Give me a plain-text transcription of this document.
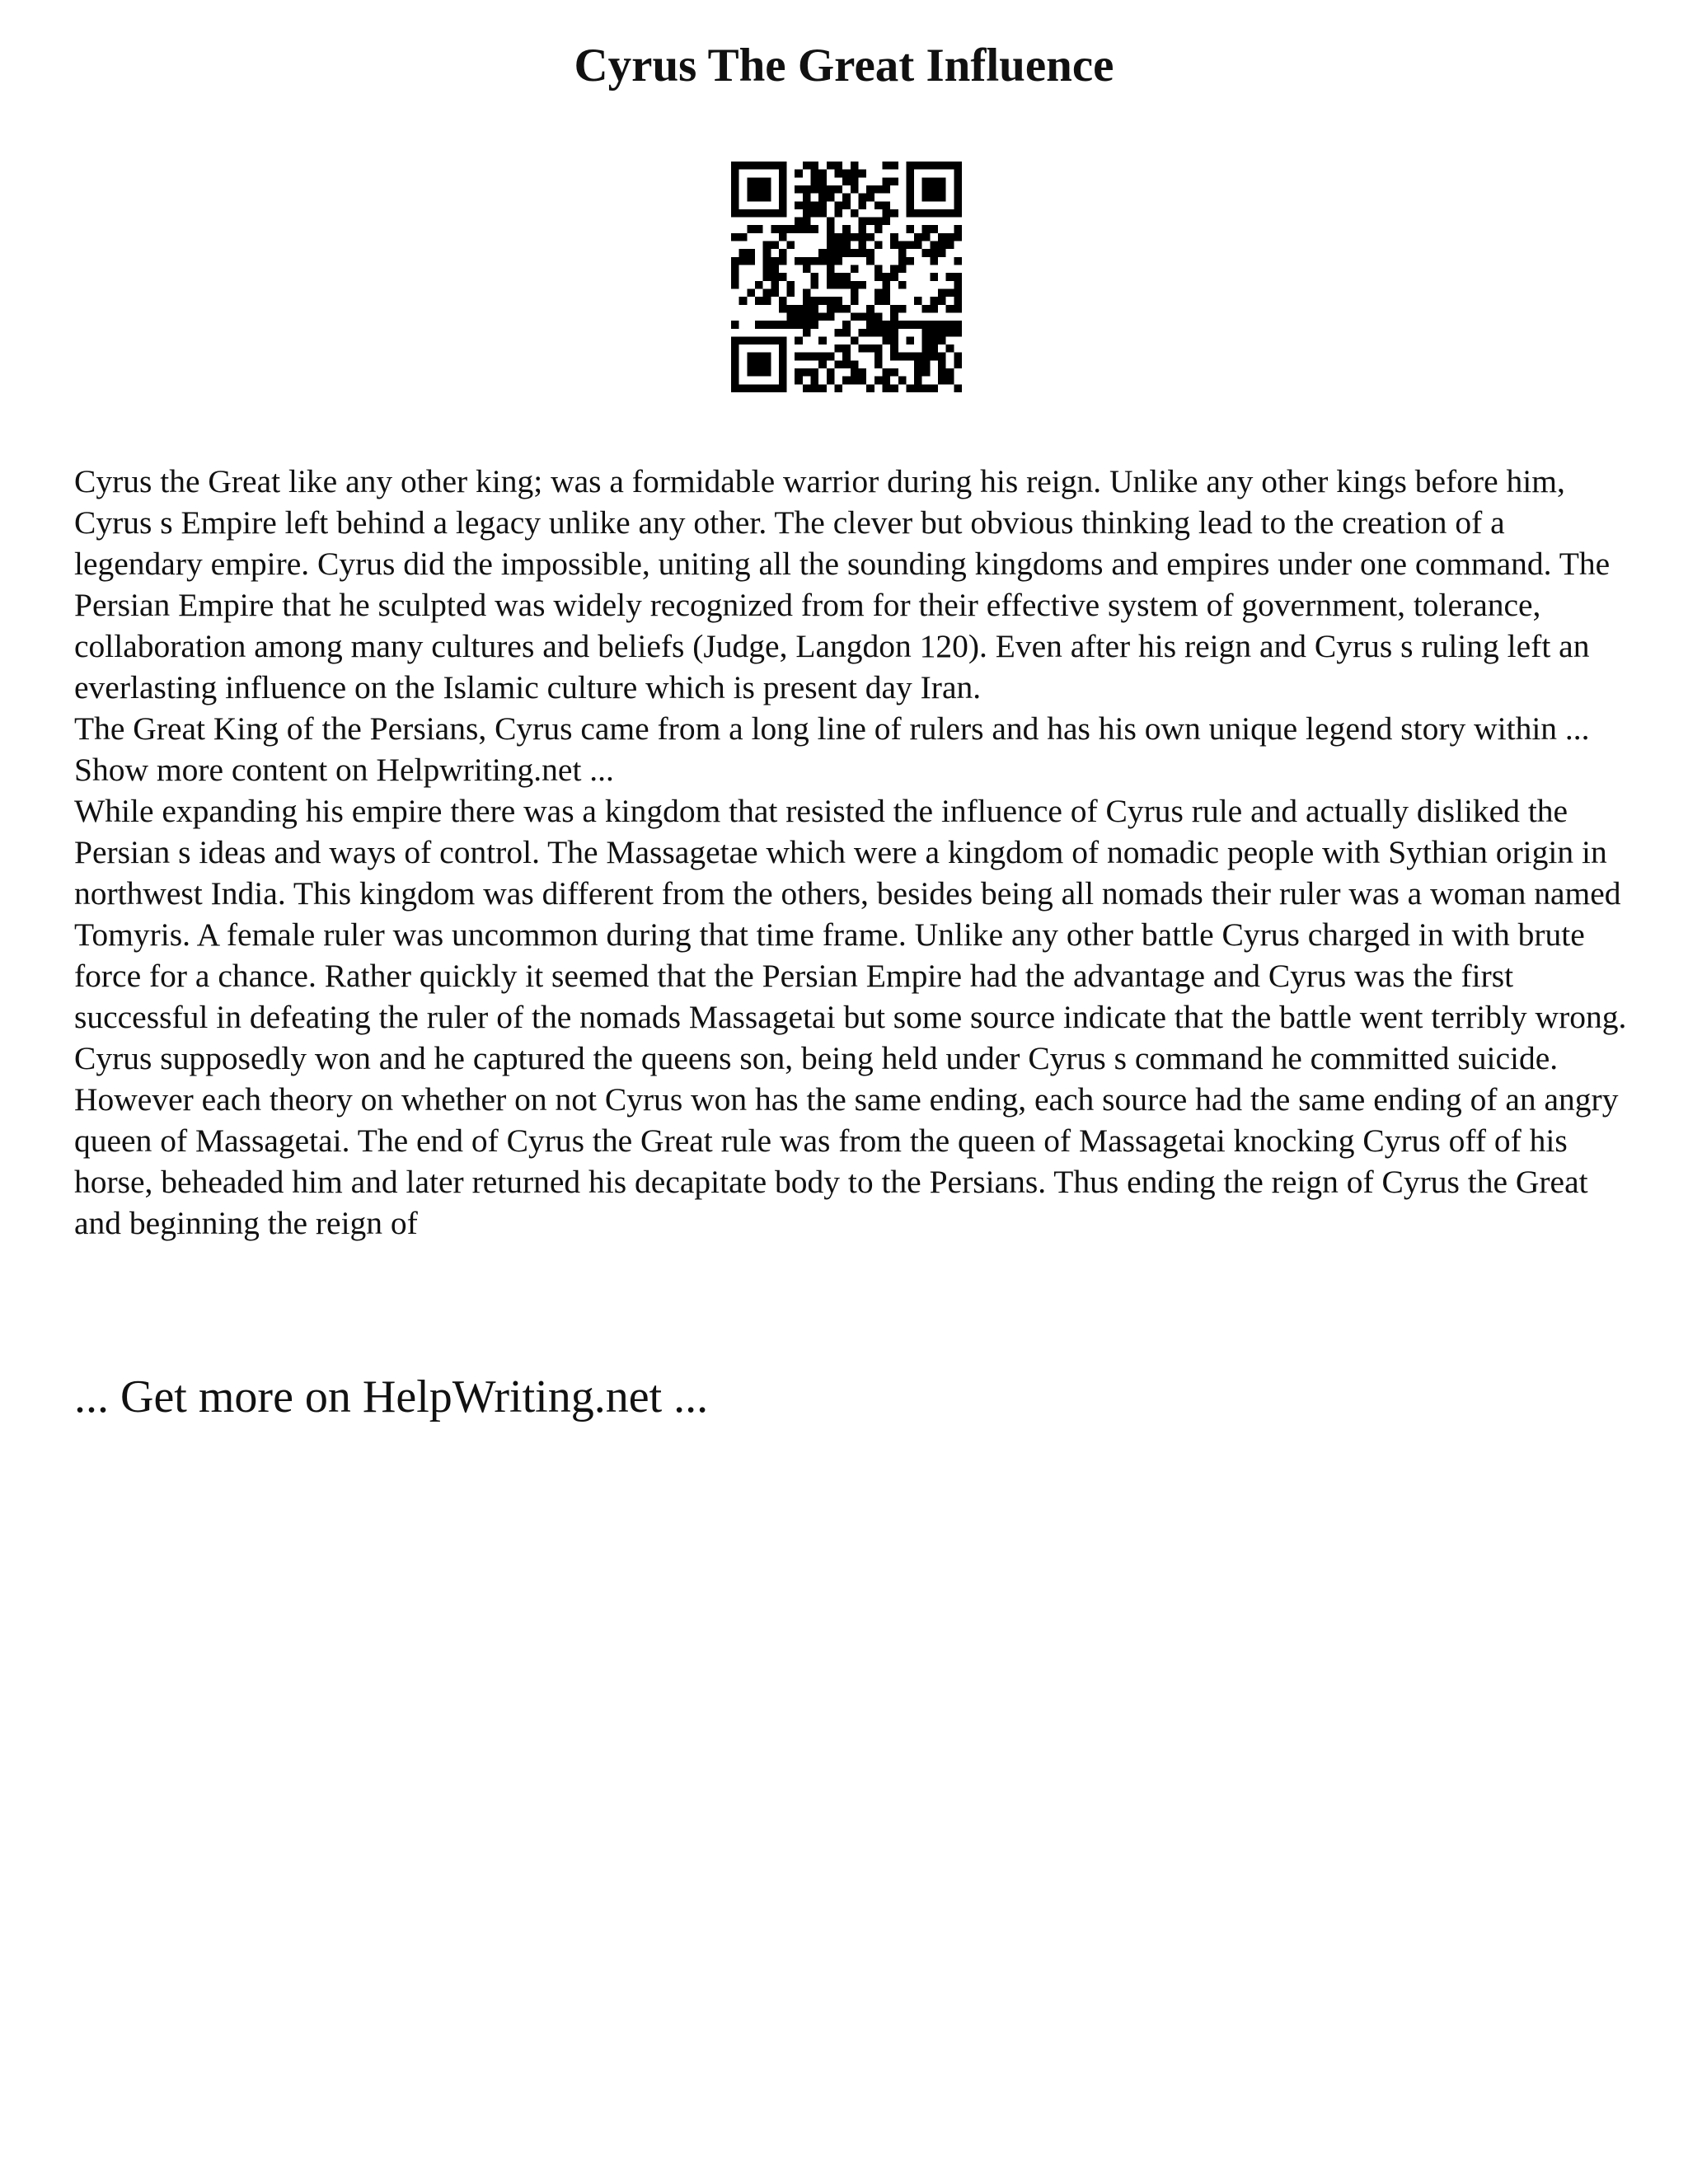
Cyrus The Great Influence

Cyrus the Great like any other king; was a formidable warrior during his reign. Unlike any other kings before him, Cyrus s Empire left behind a legacy unlike any other. The clever but obvious thinking lead to the creation of a legendary empire. Cyrus did the impossible, uniting all the sounding kingdoms and empires under one command. The Persian Empire that he sculpted was widely recognized from for their effective system of government, tolerance, collaboration among many cultures and beliefs (Judge, Langdon 120). Even after his reign and Cyrus s ruling left an everlasting influence on the Islamic culture which is present day Iran.

The Great King of the Persians, Cyrus came from a long line of rulers and has his own unique legend story within ... Show more content on Helpwriting.net ...

While expanding his empire there was a kingdom that resisted the influence of Cyrus rule and actually disliked the Persian s ideas and ways of control. The Massagetae which were a kingdom of nomadic people with Sythian origin in northwest India. This kingdom was different from the others, besides being all nomads their ruler was a woman named Tomyris. A female ruler was uncommon during that time frame. Unlike any other battle Cyrus charged in with brute force for a chance. Rather quickly it seemed that the Persian Empire had the advantage and Cyrus was the first successful in defeating the ruler of the nomads Massagetai but some source indicate that the battle went terribly wrong. Cyrus supposedly won and he captured the queens son, being held under Cyrus s command he committed suicide. However each theory on whether on not Cyrus won has the same ending, each source had the same ending of an angry queen of Massagetai. The end of Cyrus the Great rule was from the queen of Massagetai knocking Cyrus off of his horse, beheaded him and later returned his decapitate body to the Persians. Thus ending the reign of Cyrus the Great and beginning the reign of

... Get more on HelpWriting.net ...
